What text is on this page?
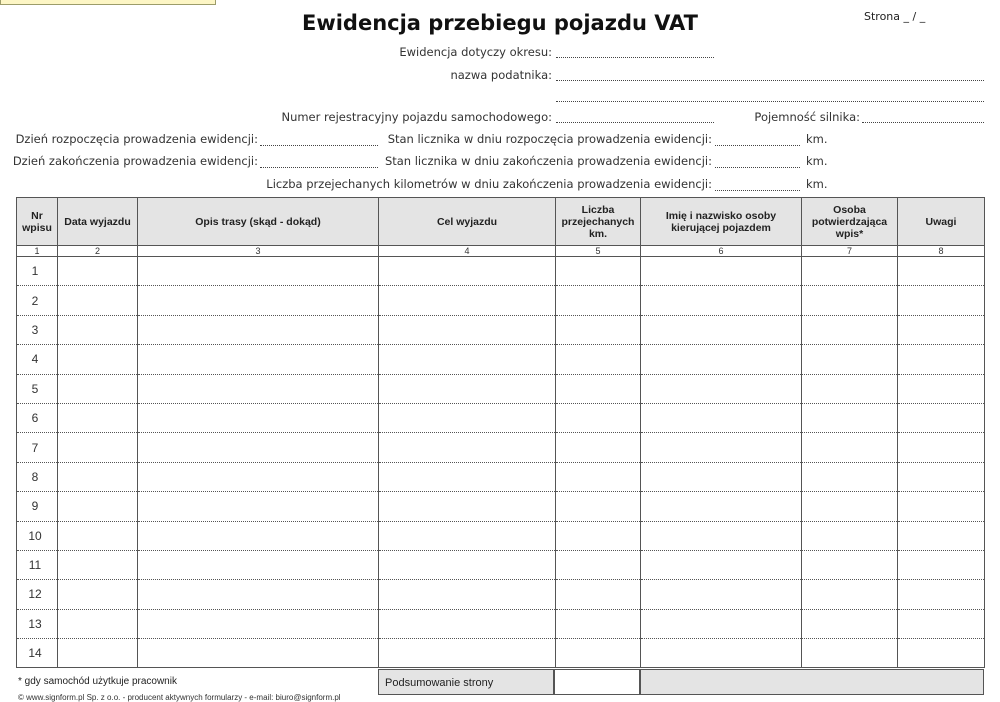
Ewidencja przebiegu pojazdu VAT	Strona _ / _
Ewidencja dotyczy okresu:
nazwa podatnika:
Numer rejestracyjny pojazdu samochodowego:	Pojemność silnika:
Dzień rozpoczęcia prowadzenia ewidencji:	Stan licznika w dniu rozpoczęcia prowadzenia ewidencji:	km.
Dzień zakończenia prowadzenia ewidencji:	Stan licznika w dniu zakończenia prowadzenia ewidencji:	km.
Liczba przejechanych kilometrów w dniu zakończenia prowadzenia ewidencji:	km.
Nr wpisu	Data wyjazdu	Opis trasy (skąd - dokąd)	Cel wyjazdu	Liczba przejechanych km.	Imię i nazwisko osoby kierującej pojazdem	Osoba potwierdzająca wpis*	Uwagi
1	2	3	4	5	6	7	8
1							
2							
3							
4							
5							
6							
7							
8							
9							
10							
11							
12							
13							
14							
* gdy samochód użytkuje pracownik
© www.signform.pl Sp. z o.o. - producent aktywnych formularzy - e-mail: biuro@signform.pl
Podsumowanie strony
